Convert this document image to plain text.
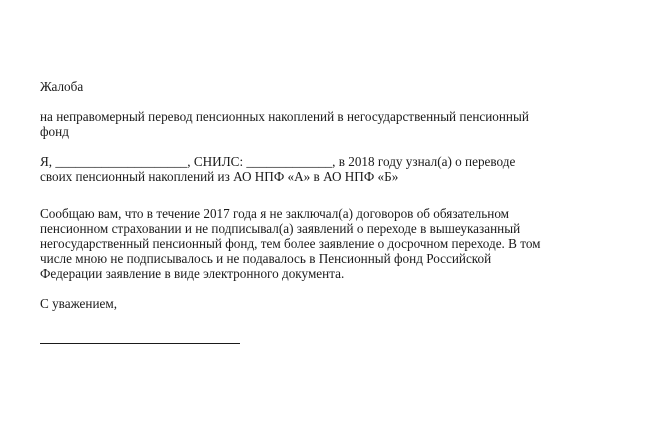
Жалоба
на неправомерный перевод пенсионных накоплений в негосударственный пенсионный
фонд
Я, ____________________, СНИЛС: _____________, в 2018 году узнал(а) о переводе
своих пенсионный накоплений из АО НПФ «А» в АО НПФ «Б»
Сообщаю вам, что в течение 2017 года я не заключал(а) договоров об обязательном
пенсионном страховании и не подписывал(а) заявлений о переходе в вышеуказанный
негосударственный пенсионный фонд, тем более заявление о досрочном переходе. В том
числе мною не подписывалось и не подавалось в Пенсионный фонд Российской
Федерации заявление в виде электронного документа.
С уважением,
